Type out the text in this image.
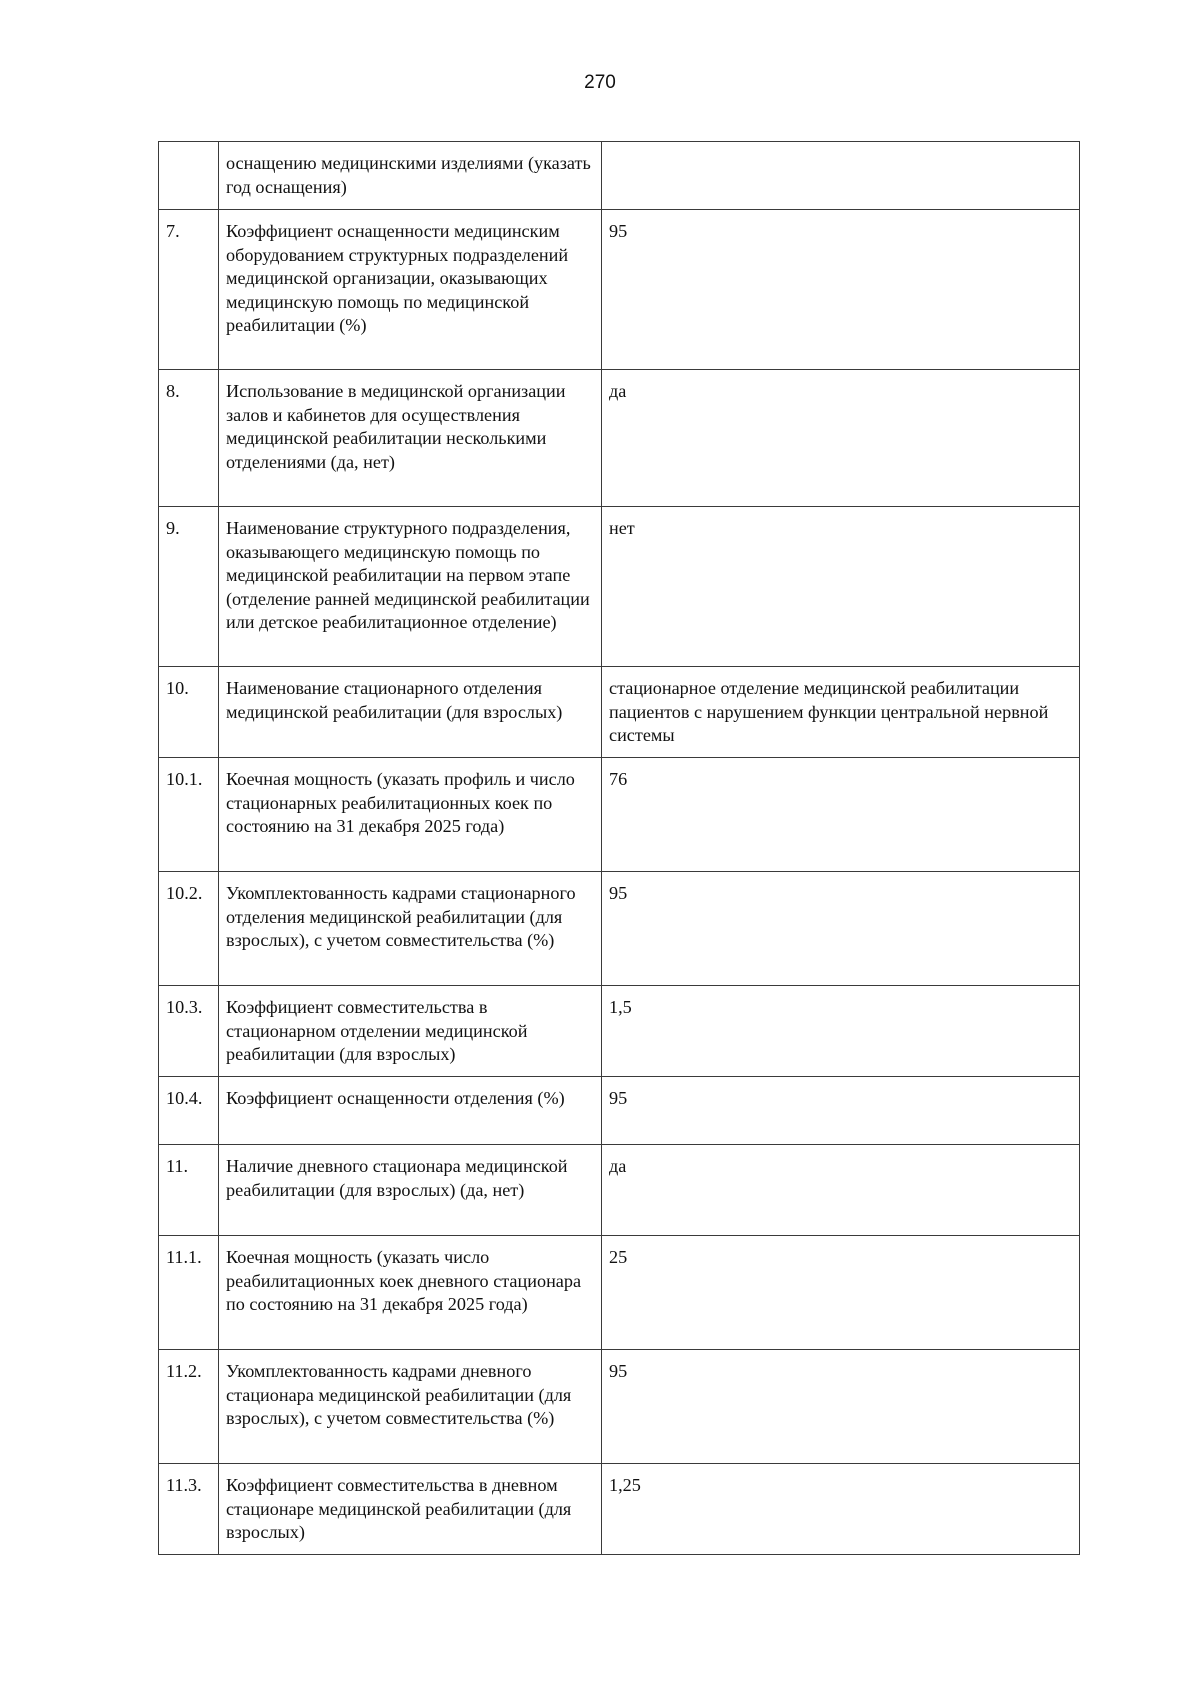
270
	оснащению медицинскими изделиями (указать год оснащения)	
7.	Коэффициент оснащенности медицинским оборудованием структурных подразделений медицинской организации, оказывающих медицинскую помощь по медицинской реабилитации (%)	95
8.	Использование в медицинской организации залов и кабинетов для осуществления медицинской реабилитации несколькими отделениями (да, нет)	да
9.	Наименование структурного подразделения, оказывающего медицинскую помощь по медицинской реабилитации на первом этапе (отделение ранней медицинской реабилитации или детское реабилитационное отделение)	нет
10.	Наименование стационарного отделения медицинской реабилитации (для взрослых)	стационарное отделение медицинской реабилитации пациентов с нарушением функции центральной нервной системы
10.1.	Коечная мощность (указать профиль и число стационарных реабилитационных коек по состоянию на 31 декабря 2025 года)	76
10.2.	Укомплектованность кадрами стационарного отделения медицинской реабилитации (для взрослых), с учетом совместительства (%)	95
10.3.	Коэффициент совместительства в стационарном отделении медицинской реабилитации (для взрослых)	1,5
10.4.	Коэффициент оснащенности отделения (%)	95
11.	Наличие дневного стационара медицинской реабилитации (для взрослых) (да, нет)	да
11.1.	Коечная мощность (указать число реабилитационных коек дневного стационара по состоянию на 31 декабря 2025 года)	25
11.2.	Укомплектованность кадрами дневного стационара медицинской реабилитации (для взрослых), с учетом совместительства (%)	95
11.3.	Коэффициент совместительства в дневном стационаре медицинской реабилитации (для взрослых)	1,25
